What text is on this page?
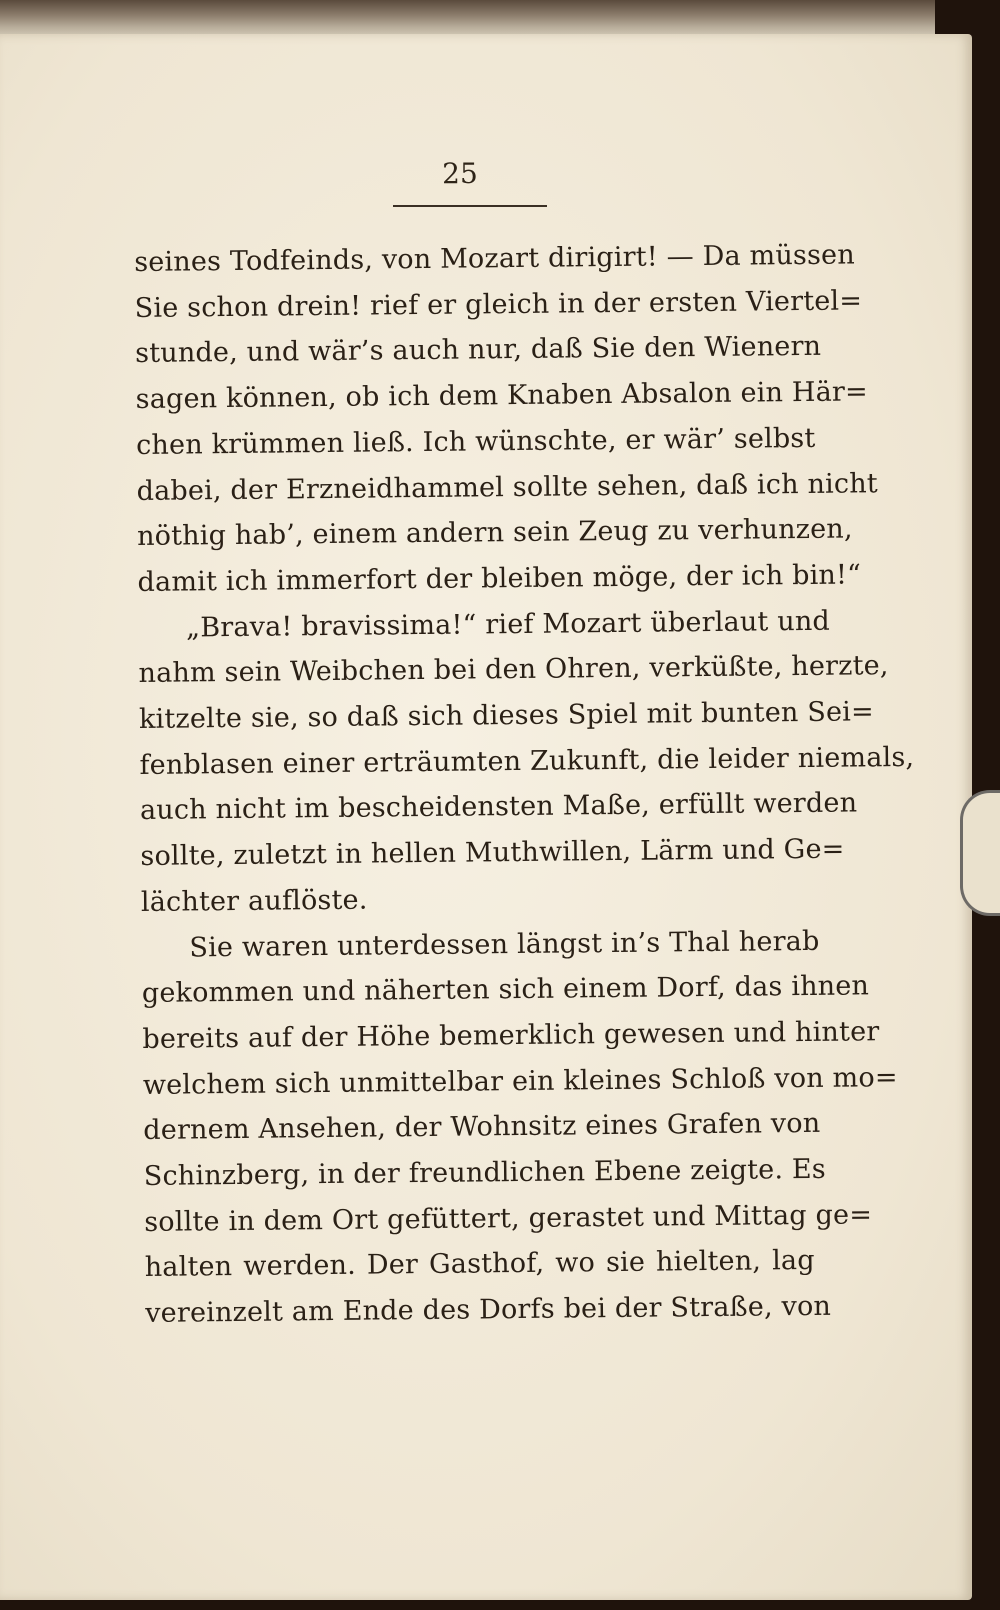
25
seines Todfeinds, von Mozart dirigirt! — Da müssen
Sie schon drein! rief er gleich in der ersten Viertel=
stunde, und wär’s auch nur, daß Sie den Wienern
sagen können, ob ich dem Knaben Absalon ein Här=
chen krümmen ließ. Ich wünschte, er wär’ selbst
dabei, der Erzneidhammel sollte sehen, daß ich nicht
nöthig hab’, einem andern sein Zeug zu verhunzen,
damit ich immerfort der bleiben möge, der ich bin!“
„Brava! bravissima!“ rief Mozart überlaut und
nahm sein Weibchen bei den Ohren, verküßte, herzte,
kitzelte sie, so daß sich dieses Spiel mit bunten Sei=
fenblasen einer erträumten Zukunft, die leider niemals,
auch nicht im bescheidensten Maße, erfüllt werden
sollte, zuletzt in hellen Muthwillen, Lärm und Ge=
lächter auflöste.
Sie waren unterdessen längst in’s Thal herab
gekommen und näherten sich einem Dorf, das ihnen
bereits auf der Höhe bemerklich gewesen und hinter
welchem sich unmittelbar ein kleines Schloß von mo=
dernem Ansehen, der Wohnsitz eines Grafen von
Schinzberg, in der freundlichen Ebene zeigte. Es
sollte in dem Ort gefüttert, gerastet und Mittag ge=
halten werden. Der Gasthof, wo sie hielten, lag
vereinzelt am Ende des Dorfs bei der Straße, von
